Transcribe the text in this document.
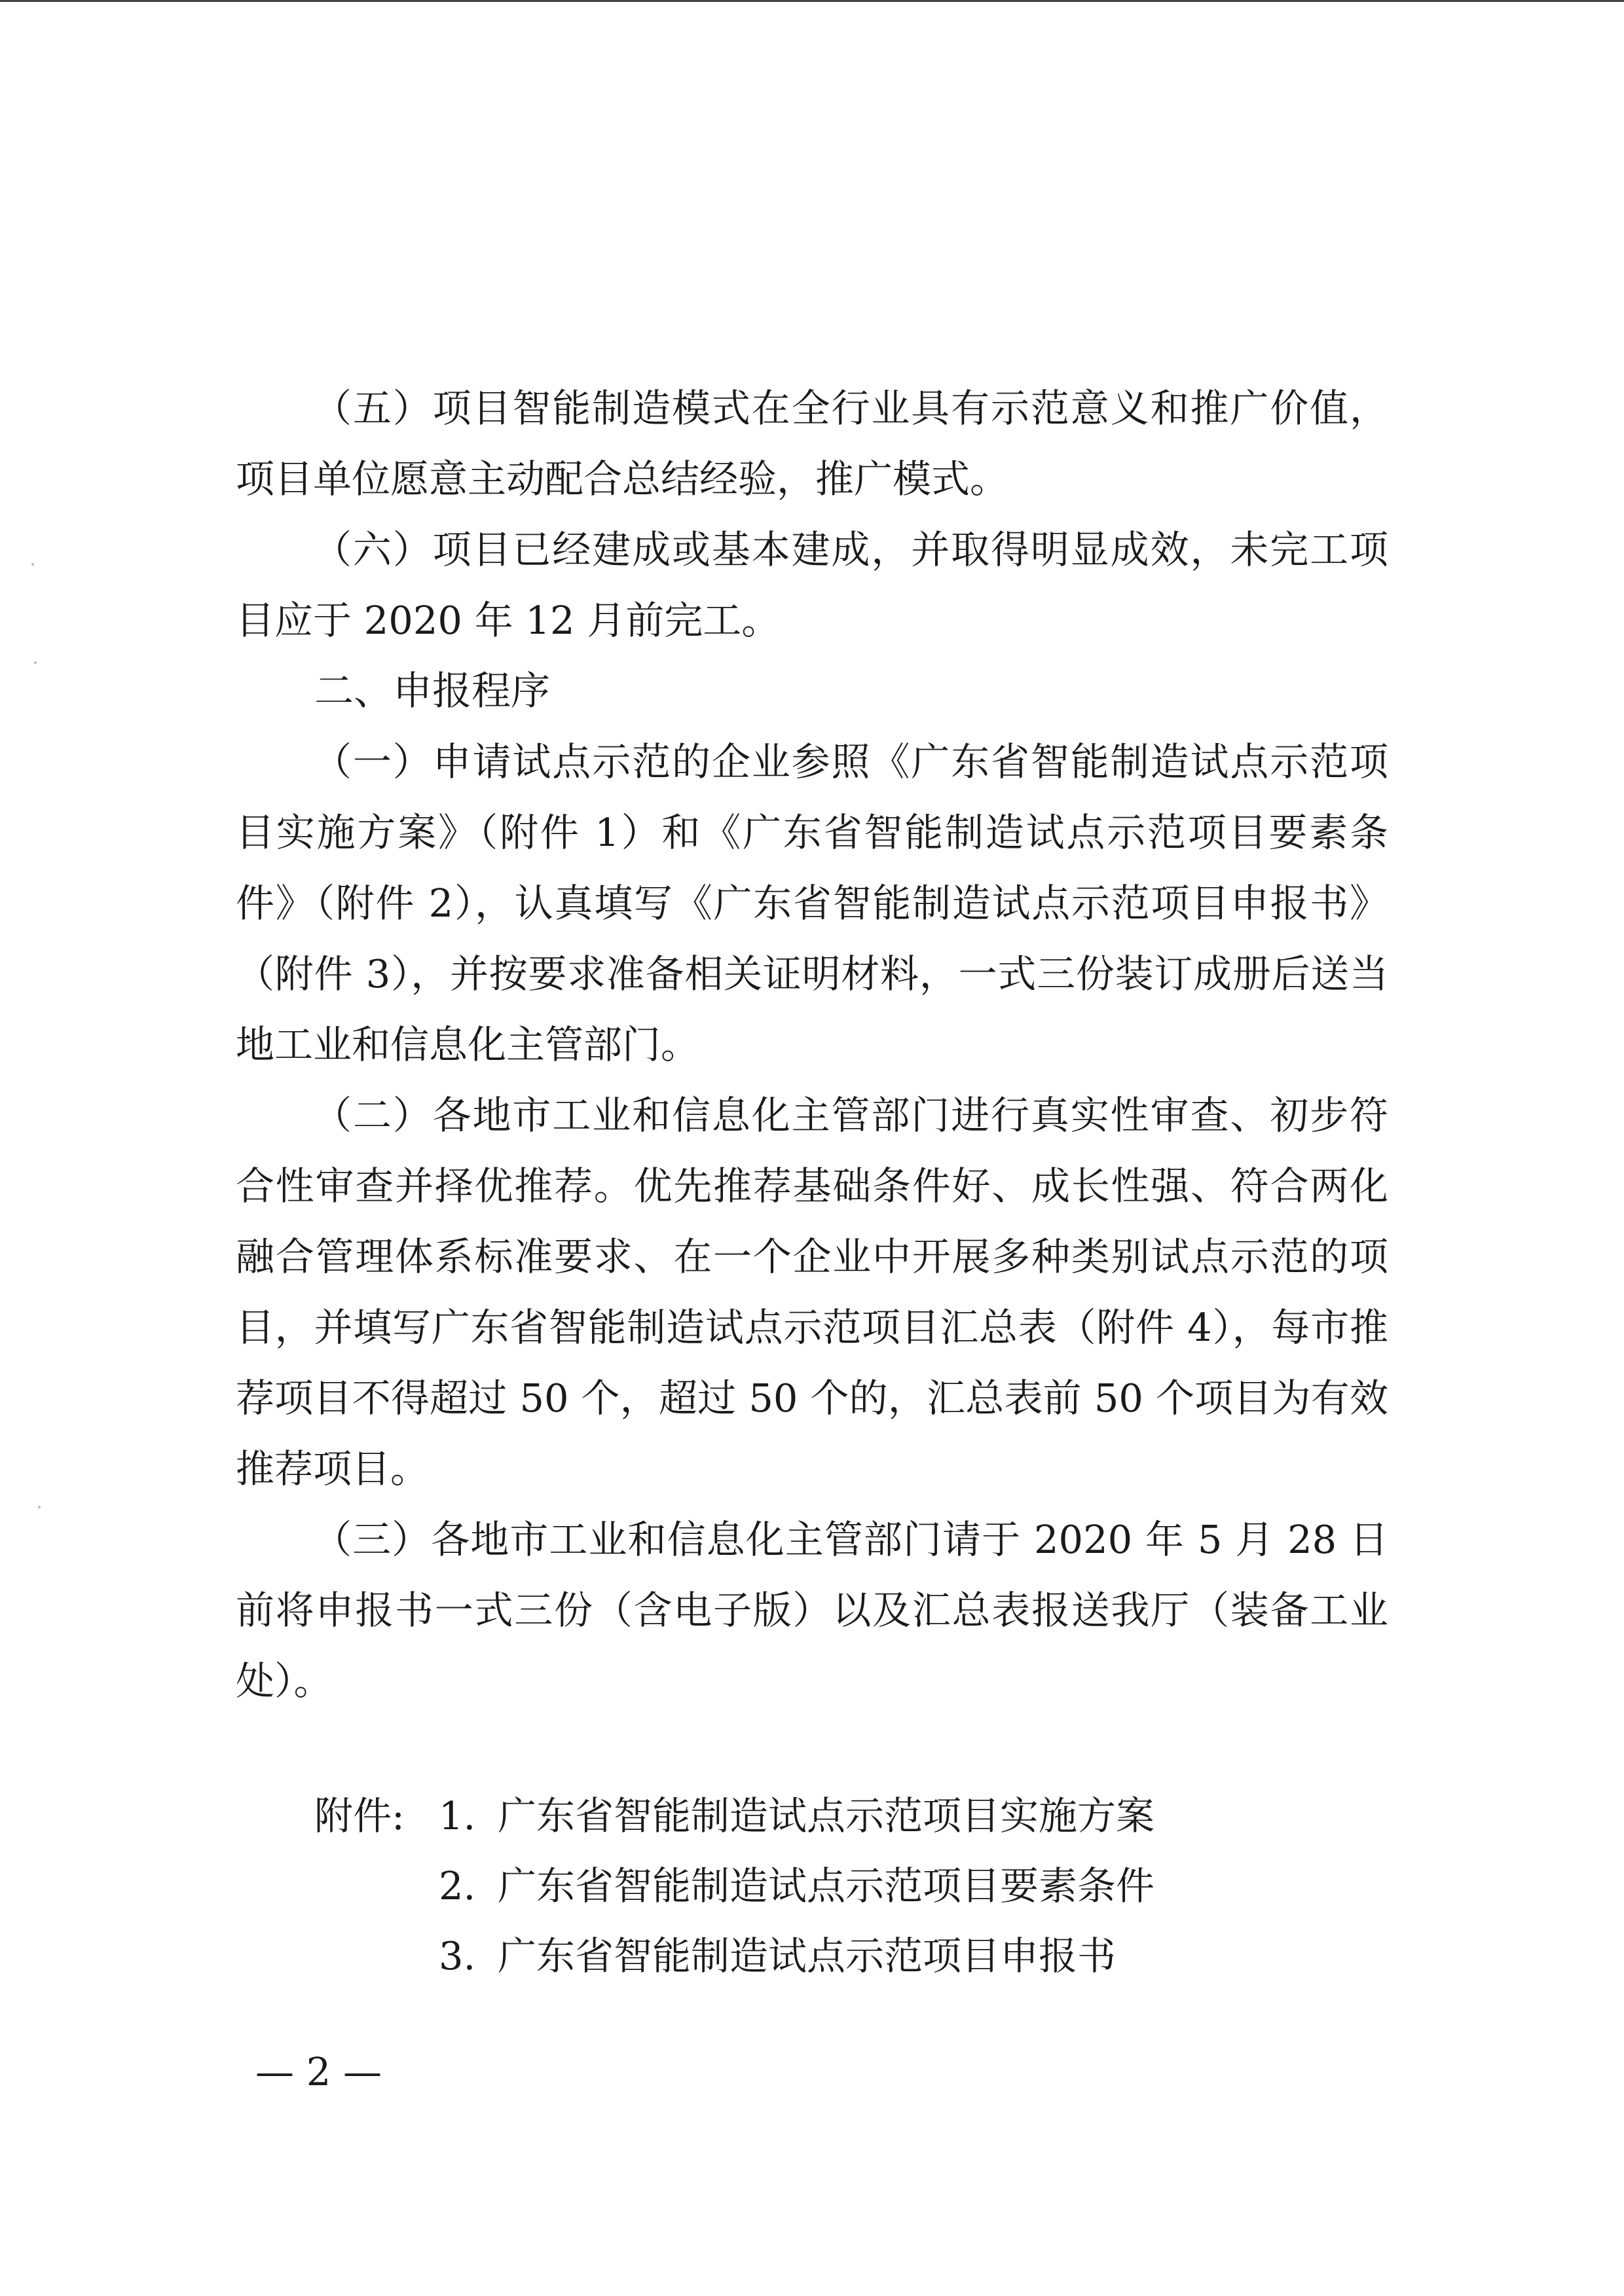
（五）项目智能制造模式在全行业具有示范意义和推广价值，项目单位愿意主动配合总结经验，推广模式。

（六）项目已经建成或基本建成，并取得明显成效，未完工项目应于 2020 年 12 月前完工。

二、申报程序

（一）申请试点示范的企业参照《广东省智能制造试点示范项目实施方案》（附件 1）和《广东省智能制造试点示范项目要素条件》（附件 2），认真填写《广东省智能制造试点示范项目申报书》（附件 3），并按要求准备相关证明材料，一式三份装订成册后送当地工业和信息化主管部门。

（二）各地市工业和信息化主管部门进行真实性审查、初步符合性审查并择优推荐。优先推荐基础条件好、成长性强、符合两化融合管理体系标准要求、在一个企业中开展多种类别试点示范的项目，并填写广东省智能制造试点示范项目汇总表（附件 4），每市推荐项目不得超过 50 个，超过 50 个的，汇总表前 50 个项目为有效推荐项目。

（三）各地市工业和信息化主管部门请于 2020 年 5 月 28 日前将申报书一式三份（含电子版）以及汇总表报送我厅（装备工业处）。

附件: 1. 广东省智能制造试点示范项目实施方案
2. 广东省智能制造试点示范项目要素条件
3. 广东省智能制造试点示范项目申报书
— 2 —
